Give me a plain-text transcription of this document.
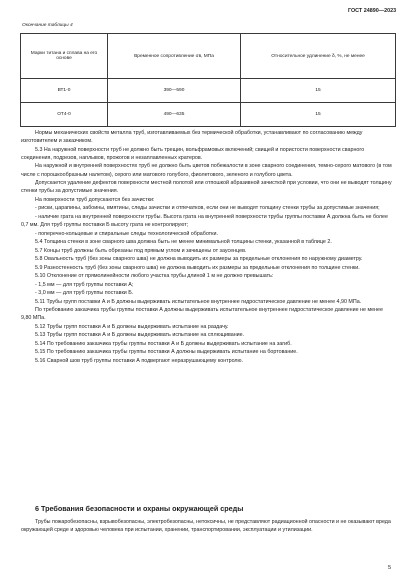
ГОСТ 24890—2023
Окончание таблицы 4
Марки титана и сплава на его основе	Временное сопротивление σв, МПа	Относительное удлинение δ, %, не менее
ВТ1-0	390—590	15
ОТ4-0	490—635	15

Нормы механических свойств металла труб, изготавливаемых без термической обработки, устанавливают по согласованию между изготовителем и заказчиком.

5.3 На наружной поверхности труб не должно быть трещин, вольфрамовых включений; свищей и пористости поверхности сварного соединения, подрезов, наплывов, прожогов и незаплавленных кратеров.

На наружной и внутренней поверхностях труб не должно быть цветов побежалости в зоне сварного соединения, темно-серого матового (в том числе с порошкообразным налетом), серого или матового голубого, фиолетового, зеленого и голубого цвета.

Допускается удаление дефектов поверхности местной полотой или отпошкой абразивной зачисткой при условии, что они не выводят толщину стенки трубы за допустимые значения.

На поверхности труб допускаются без зачистки:

- риски, царапины, забоины, вмятины, следы зачистки и отпечатков, если они не выводят толщину стенки трубы за допустимые значения;

- наличие грата на внутренней поверхности трубы. Высота грата на внутренней поверхности трубы группы поставки А должна быть не более 0,7 мм. Для труб группы поставки Б высоту грата не контролируют;

- поперечно-кольцевые и спиральные следы технологической обработки.

5.4 Толщина стенки в зоне сварного шва должна быть не менее минимальной толщины стенки, указанной в таблице 2.

5.7 Концы труб должны быть обрезаны под прямым углом и зачищены от заусенцев.

5.8 Овальность труб (без зоны сварного шва) не должна выводить их размеры за предельные отклонения по наружному диаметру.

5.9 Разностенность труб (без зоны сварного шва) не должна выводить их размеры за предельные отклонения по толщине стенки.

5.10 Отклонение от прямолинейности любого участка трубы длиной 1 м не должно превышать:

- 1,5 мм — для труб группы поставки А;

- 3,0 мм — для труб группы поставки Б.

5.11 Трубы групп поставки А и Б должны выдерживать испытательное внутреннее гидростатическое давление не менее 4,90 МПа.

По требованию заказчика трубы группы поставки А должны выдерживать испытательное внутреннее гидростатическое давление не менее 9,80 МПа.

5.12 Трубы групп поставки А и Б должны выдерживать испытание на раздачу.

5.13 Трубы групп поставки А и Б должны выдерживать испытание на сплющивание.

5.14 По требованию заказчика трубы группы поставки А и Б должны выдерживать испытание на загиб.

5.15 По требованию заказчика трубы группы поставки А должны выдерживать испытание на бортование.

5.16 Сварной шов труб группы поставки А подвергают неразрушающему контролю.

6 Требования безопасности и охраны окружающей среды

Трубы пожаробезопасны, взрывобезопасны, электробезопасны, нетоксичны, не представляют радиационной опасности и не оказывают вреда окружающей среде и здоровью человека при испытании, хранении, транспортировании, эксплуатации и утилизации.

5
